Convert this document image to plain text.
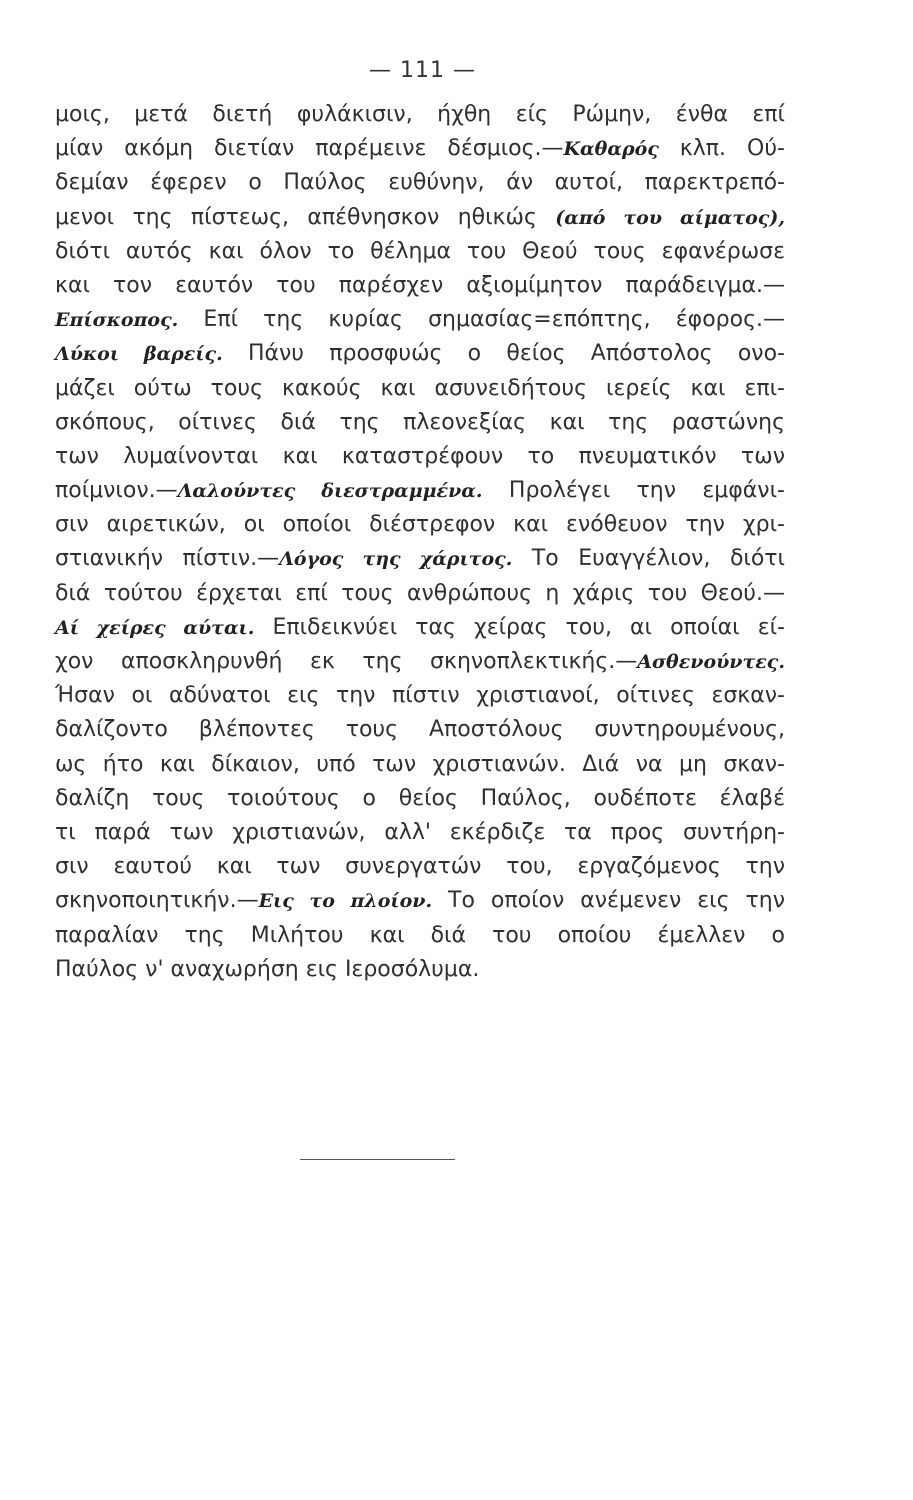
— 111 —
μοις, μετά διετή φυλάκισιν, ήχθη είς Ρώμην, ένθα επί
μίαν ακόμη διετίαν παρέμεινε δέσμιος.—Καθαρός κλπ. Ού-
δεμίαν έφερεν ο Παύλος ευθύνην, άν αυτοί, παρεκτρεπό-
μενοι της πίστεως, απέθνησκον ηθικώς (από του αίματος),
διότι αυτός και όλον το θέλημα του Θεού τους εφανέρωσε
και τον εαυτόν του παρέσχεν αξιομίμητον παράδειγμα.—
Επίσκοπος. Επί της κυρίας σημασίας=επόπτης, έφορος.—
Λύκοι βαρείς. Πάνυ προσφυώς ο θείος Απόστολος ονο-
μάζει ούτω τους κακούς και ασυνειδήτους ιερείς και επι-
σκόπους, οίτινες διά της πλεονεξίας και της ραστώνης
των λυμαίνονται και καταστρέφουν το πνευματικόν των
ποίμνιον.—Λαλούντες διεστραμμένα. Προλέγει την εμφάνι-
σιν αιρετικών, οι οποίοι διέστρεφον και ενόθευον την χρι-
στιανικήν πίστιν.—Λόγος της χάριτος. Το Ευαγγέλιον, διότι
διά τούτου έρχεται επί τους ανθρώπους η χάρις του Θεού.—
Αί χείρες αύται. Επιδεικνύει τας χείρας του, αι οποίαι εί-
χον αποσκληρυνθή εκ της σκηνοπλεκτικής.—Ασθενούντες.
Ήσαν οι αδύνατοι εις την πίστιν χριστιανοί, οίτινες εσκαν-
δαλίζοντο βλέποντες τους Αποστόλους συντηρουμένους,
ως ήτο και δίκαιον, υπό των χριστιανών. Διά να μη σκαν-
δαλίζη τους τοιούτους ο θείος Παύλος, ουδέποτε έλαβέ
τι παρά των χριστιανών, αλλ' εκέρδιζε τα προς συντήρη-
σιν εαυτού και των συνεργατών του, εργαζόμενος την
σκηνοποιητικήν.—Εις το πλοίον. Το οποίον ανέμενεν εις την
παραλίαν της Μιλήτου και διά του οποίου έμελλεν ο
Παύλος ν' αναχωρήση εις Ιεροσόλυμα.
